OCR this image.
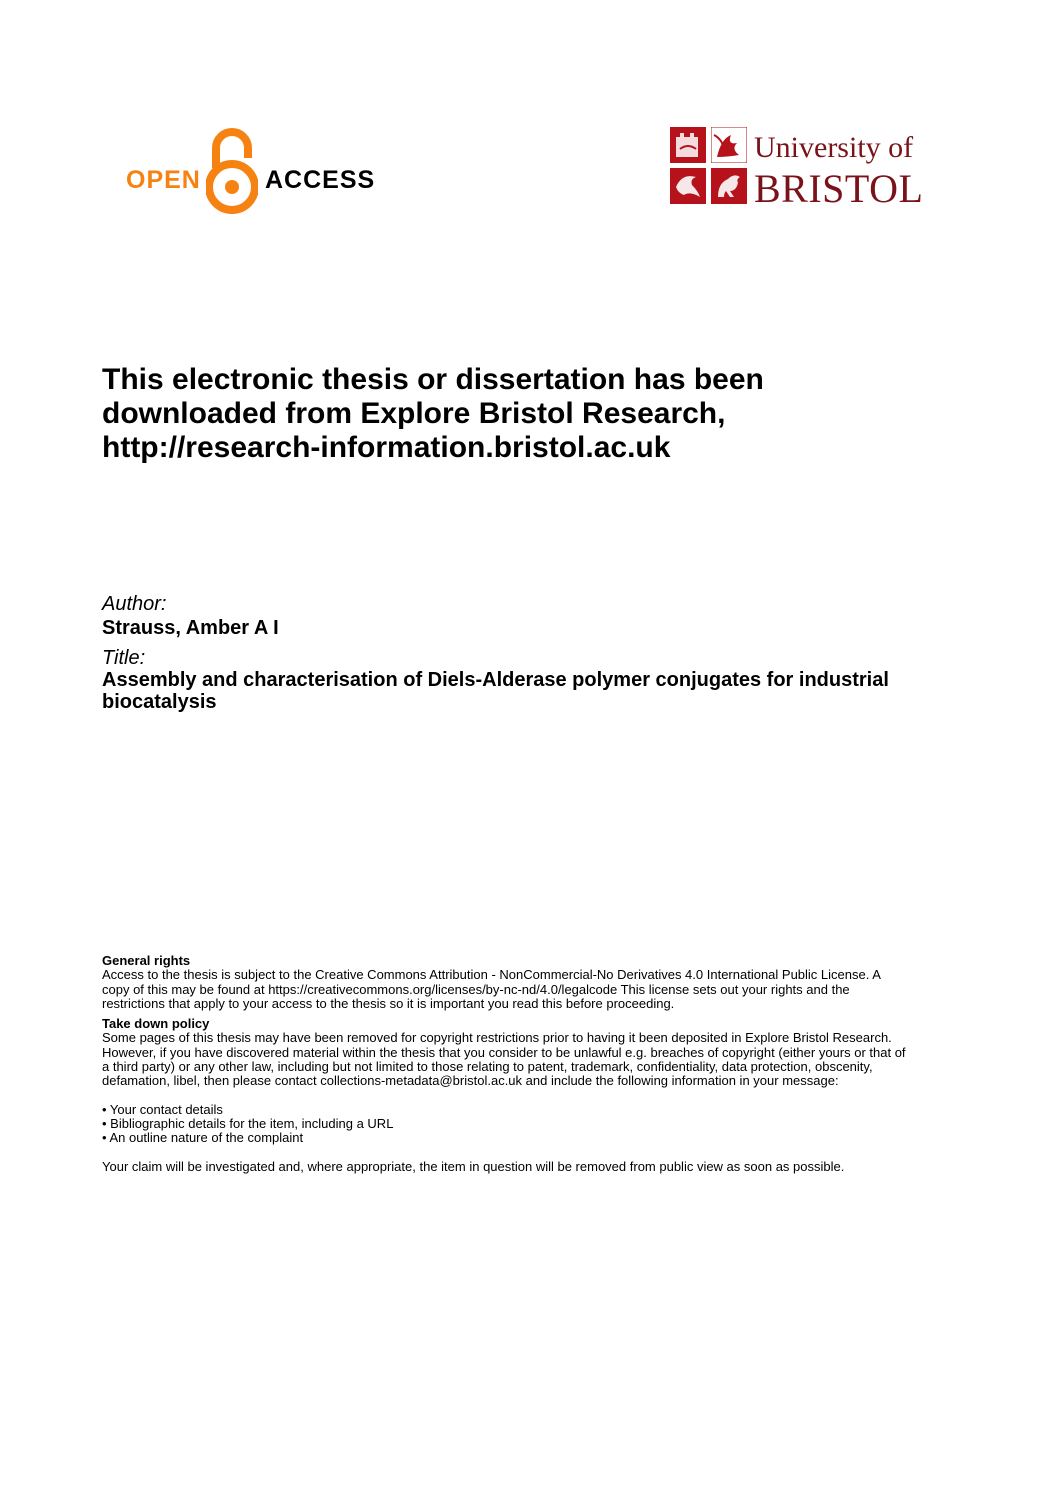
OPEN	ACCESS
University of
BRISTOL
This electronic thesis or dissertation has been
downloaded from Explore Bristol Research,
http://research-information.bristol.ac.uk
Author:
Strauss, Amber A I
Title:
Assembly and characterisation of Diels-Alderase polymer conjugates for industrial
biocatalysis
General rights
Access to the thesis is subject to the Creative Commons Attribution - NonCommercial-No Derivatives 4.0 International Public License. A
copy of this may be found at https://creativecommons.org/licenses/by-nc-nd/4.0/legalcode This license sets out your rights and the
restrictions that apply to your access to the thesis so it is important you read this before proceeding.
Take down policy
Some pages of this thesis may have been removed for copyright restrictions prior to having it been deposited in Explore Bristol Research.
However, if you have discovered material within the thesis that you consider to be unlawful e.g. breaches of copyright (either yours or that of
a third party) or any other law, including but not limited to those relating to patent, trademark, confidentiality, data protection, obscenity,
defamation, libel, then please contact collections-metadata@bristol.ac.uk and include the following information in your message:
• Your contact details
• Bibliographic details for the item, including a URL
• An outline nature of the complaint
Your claim will be investigated and, where appropriate, the item in question will be removed from public view as soon as possible.
